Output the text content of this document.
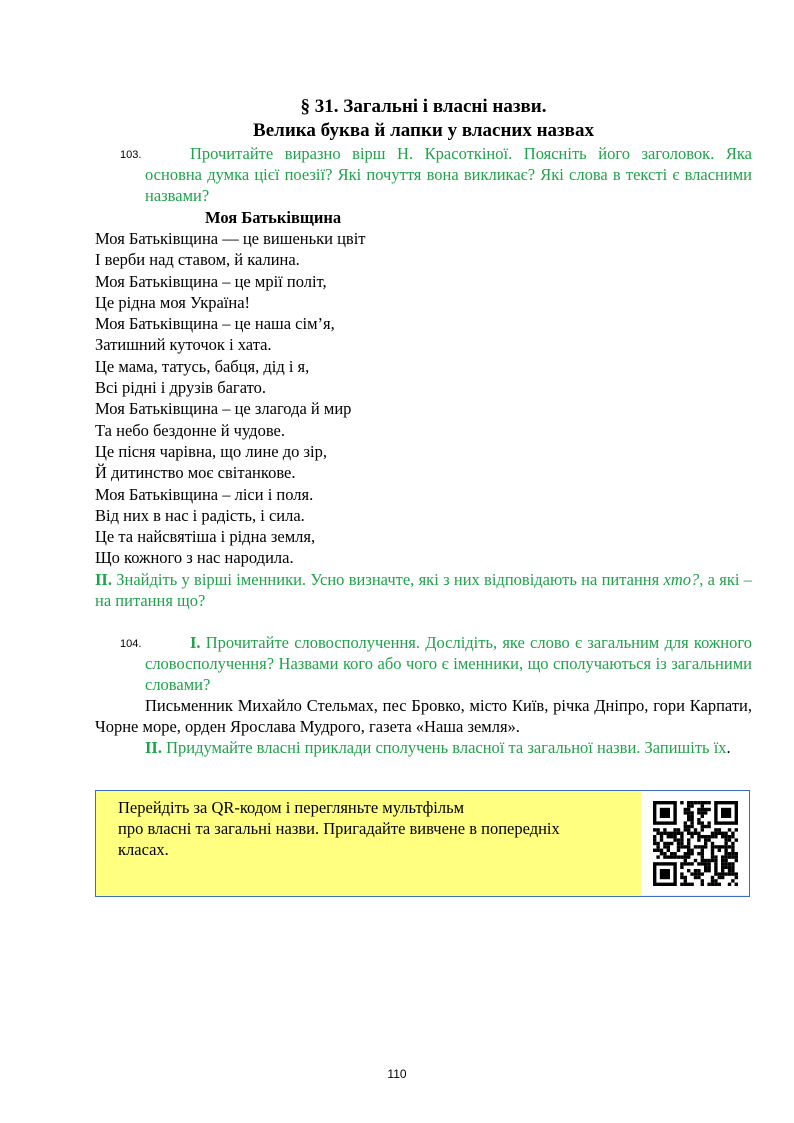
§ 31. Загальні і власні назви.
Велика буква й лапки у власних назвах
103.	Прочитайте виразно вірш Н. Красоткіної. Поясніть його заголовок. Яка основна думка цієї поезії? Які почуття вона викликає? Які слова в тексті є власними назвами?
Моя Батьківщина
Моя Батьківщина — це вишеньки цвіт
І верби над ставом, й калина.
Моя Батьківщина – це мрії політ,
Це рідна моя Україна!
Моя Батьківщина – це наша сім’я,
Затишний куточок і хата.
Це мама, татусь, бабця, дід і я,
Всі рідні і друзів багато.
Моя Батьківщина – це злагода й мир
Та небо бездонне й чудове.
Це пісня чарівна, що лине до зір,
Й дитинство моє світанкове.
Моя Батьківщина – ліси і поля.
Від них в нас і радість, і сила.
Це та найсвятіша і рідна земля,
Що кожного з нас народила.
II. Знайдіть у вірші іменники. Усно визначте, які з них відповідають на питання хто?, а які – на питання що?
104.	I. Прочитайте словосполучення. Дослідіть, яке слово є загальним для кожного словосполучення? Назвами кого або чого є іменники, що сполучаються із загальними словами?
Письменник Михайло Стельмах, пес Бровко, місто Київ, річка Дніпро, гори Карпати, Чорне море, орден Ярослава Мудрого, газета «Наша земля».
II. Придумайте власні приклади сполучень власної та загальної назви. Запишіть їх.
Перейдіть за QR-кодом і перегляньте мультфільм
про власні та загальні назви. Пригадайте вивчене в попередніх
класах.
110
